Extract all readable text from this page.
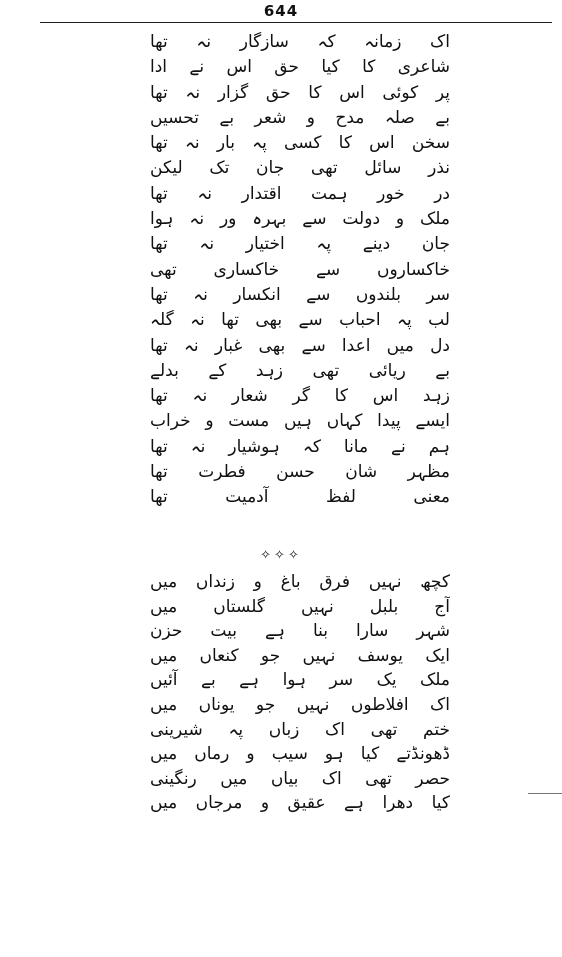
644
اک زمانہ کہ سازگار نہ تھا
شاعری کا کیا حق اس نے ادا
پر کوئی اس کا حق گزار نہ تھا
بے صلہ مدح و شعر بے تحسیں
سخن اس کا کسی پہ بار نہ تھا
نذر سائل تھی جان تک لیکن
در خور ہمت اقتدار نہ تھا
ملک و دولت سے بہرہ ور نہ ہوا
جان دینے پہ اختیار نہ تھا
خاکساروں سے خاکساری تھی
سر بلندوں سے انکسار نہ تھا
لب پہ احباب سے بھی تھا نہ گلہ
دل میں اعدا سے بھی غبار نہ تھا
بے ریائی تھی زہد کے بدلے
زہد اس کا گر شعار نہ تھا
ایسے پیدا کہاں ہیں مست و خراب
ہم نے مانا کہ ہوشیار نہ تھا
مظہر شان حسن فطرت تھا
معنی لفظ آدمیت تھا
✧✧✧
کچھ نہیں فرق باغ و زنداں میں
آج بلبل نہیں گلستاں میں
شہر سارا بنا ہے بیت حزن
ایک یوسف نہیں جو کنعاں میں
ملک یک سر ہوا ہے بے آئیں
اک افلاطوں نہیں جو یوناں میں
ختم تھی اک زباں پہ شیرینی
ڈھونڈتے کیا ہو سیب و رماں میں
حصر تھی اک بیاں میں رنگینی
کیا دھرا ہے عقیق و مرجاں میں
